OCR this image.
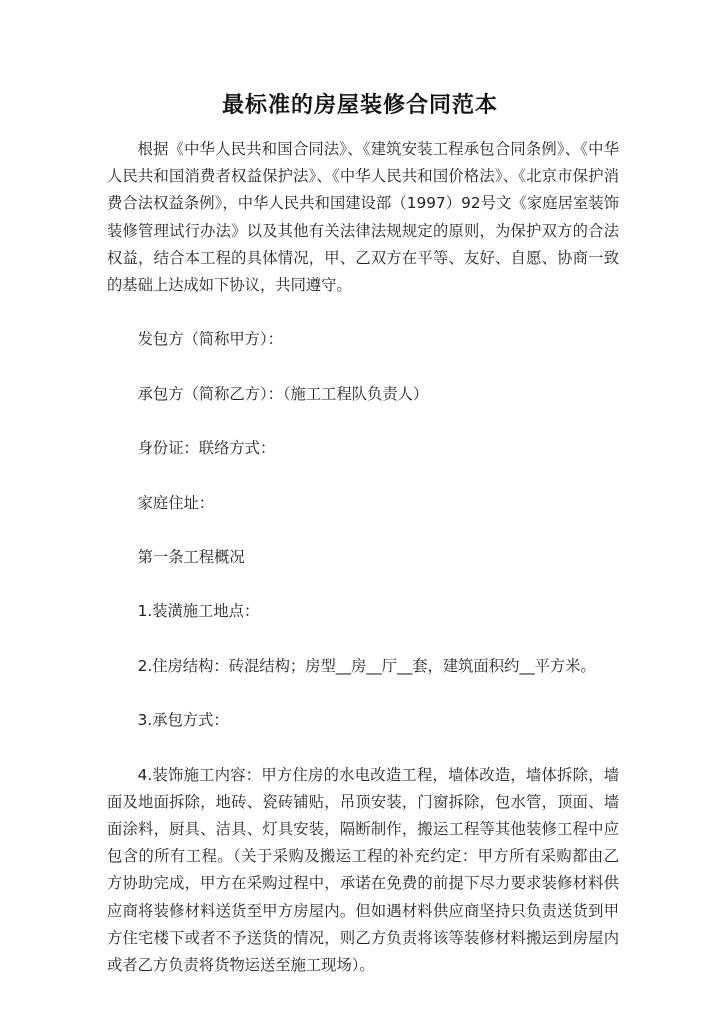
最标准的房屋装修合同范本

根据《中华人民共和国合同法》、《建筑安装工程承包合同条例》、《中华人民共和国消费者权益保护法》、《中华人民共和国价格法》、《北京市保护消费合法权益条例》，中华人民共和国建设部（1997）92号文《家庭居室装饰装修管理试行办法》以及其他有关法律法规规定的原则，为保护双方的合法权益，结合本工程的具体情况，甲、乙双方在平等、友好、自愿、协商一致的基础上达成如下协议，共同遵守。

发包方（简称甲方）：

承包方（简称乙方）：（施工工程队负责人）

身份证：联络方式：

家庭住址：

第一条工程概况

1.装潢施工地点：

2.住房结构：砖混结构；房型__房__厅__套，建筑面积约__平方米。

3.承包方式：

4.装饰施工内容：甲方住房的水电改造工程，墙体改造，墙体拆除，墙面及地面拆除，地砖、瓷砖铺贴，吊顶安装，门窗拆除，包水管，顶面、墙面涂料，厨具、洁具、灯具安装，隔断制作，搬运工程等其他装修工程中应包含的所有工程。（关于采购及搬运工程的补充约定：甲方所有采购都由乙方协助完成，甲方在采购过程中，承诺在免费的前提下尽力要求装修材料供应商将装修材料送货至甲方房屋内。但如遇材料供应商坚持只负责送货到甲方住宅楼下或者不予送货的情况，则乙方负责将该等装修材料搬运到房屋内或者乙方负责将货物运送至施工现场）。
